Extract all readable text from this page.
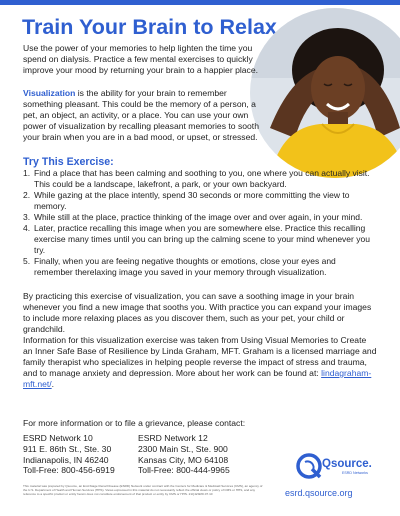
Train Your Brain to Relax

Use the power of your memories to help lighten the time you spend on dialysis. Practice a few mental exercises to quickly improve your mood by returning your brain to a happier place.

Visualization is the ability for your brain to remember something pleasant. This could be the memory of a person, a pet, an object, an activity, or a place. You can use your own power of visualization by recalling pleasant memories to sooth your brain when you are in a bad mood, or upset, or stressed.

Try This Exercise:
1. Find a place that has been calming and soothing to you, one where you can actually visit. This could be a landscape, lakefront, a park, or your own backyard.
2. While gazing at the place intently, spend 30 seconds or more committing the view to memory.
3. While still at the place, practice thinking of the image over and over again, in your mind.
4. Later, practice recalling this image when you are somewhere else. Practice this recalling exercise many times until you can bring up the calming scene to your mind whenever you try.
5. Finally, when you are feeing negative thoughts or emotions, close your eyes and remember therelaxing image you saved in your memory through visualization.

By practicing this exercise of visualization, you can save a soothing image in your brain whenever you find a new image that sooths you. With practice you can expand your images to include more relaxing places as you discover them, such as your pet, your child or grandchild.

Information for this visualization exercise was taken from Using Visual Memories to Create an Inner Safe Base of Resilience by Linda Graham, MFT. Graham is a licensed marriage and family therapist who specializes in helping people reverse the impact of stress and trauma, and to manage anxiety and depression. More about her work can be found at: lindagraham-mft.net/.

For more information or to file a grievance, please contact:

ESRD Network 10
911 E. 86th St., Ste. 30
Indianapolis, IN 46240
Toll-Free: 800-456-6919
ESRD Network 12
2300 Main St., Ste. 900
Kansas City, MO 64108
Toll-Free: 800-444-9965

This material was prepared by Qsource, an End-Stage Renal Disease (ESRD) Network under contract with the Centers for Medicare & Medicaid Services (CMS), an agency of the U.S. Department of Health and Human Services (HHS). Views expressed in this material do not necessarily reflect the official views or policy of CMS or HHS, and any reference to a specific product or entity herein does not constitute endorsement of that product or entity by CMS or HHS. 21Q.ESRD.07.10

Qsource.
ESRD Networks
esrd.qsource.org
